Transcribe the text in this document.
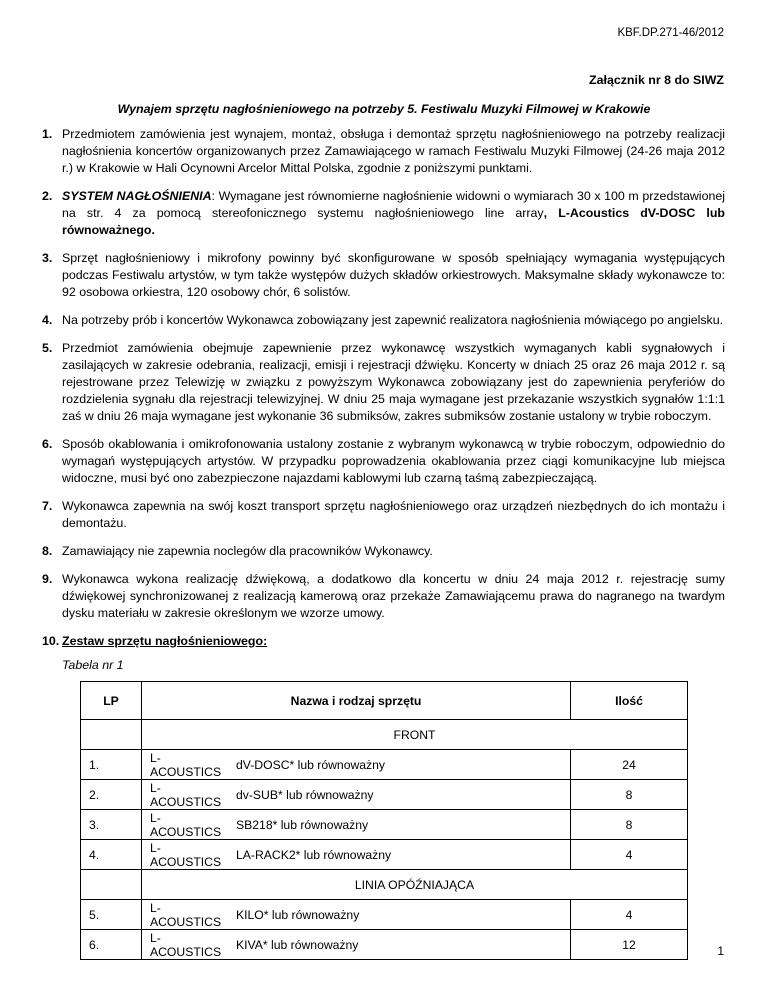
KBF.DP.271-46/2012
Załącznik nr 8 do SIWZ
Wynajem sprzętu nagłośnieniowego na potrzeby 5. Festiwalu Muzyki Filmowej w Krakowie
1. Przedmiotem zamówienia jest wynajem, montaż, obsługa i demontaż sprzętu nagłośnieniowego na potrzeby realizacji nagłośnienia koncertów organizowanych przez Zamawiającego w ramach Festiwalu Muzyki Filmowej (24-26 maja 2012 r.) w Krakowie w Hali Ocynowni Arcelor Mittal Polska, zgodnie z poniższymi punktami.
2. SYSTEM NAGŁOŚNIENIA: Wymagane jest równomierne nagłośnienie widowni o wymiarach 30 x 100 m przedstawionej na str. 4 za pomocą stereofonicznego systemu nagłośnieniowego line array, L-Acoustics dV-DOSC lub równoważnego.
3. Sprzęt nagłośnieniowy i mikrofony powinny być skonfigurowane w sposób spełniający wymagania występujących podczas Festiwalu artystów, w tym także występów dużych składów orkiestrowych. Maksymalne składy wykonawcze to: 92 osobowa orkiestra, 120 osobowy chór, 6 solistów.
4. Na potrzeby prób i koncertów Wykonawca zobowiązany jest zapewnić realizatora nagłośnienia mówiącego po angielsku.
5. Przedmiot zamówienia obejmuje zapewnienie przez wykonawcę wszystkich wymaganych kabli sygnałowych i zasilających w zakresie odebrania, realizacji, emisji i rejestracji dźwięku. Koncerty w dniach 25 oraz 26 maja 2012 r. są rejestrowane przez Telewizję w związku z powyższym Wykonawca zobowiązany jest do zapewnienia peryferiów do rozdzielenia sygnału dla rejestracji telewizyjnej. W dniu 25 maja wymagane jest przekazanie wszystkich sygnałów 1:1:1 zaś w dniu 26 maja wymagane jest wykonanie 36 submiksów, zakres submiksów zostanie ustalony w trybie roboczym.
6. Sposób okablowania i omikrofonowania ustalony zostanie z wybranym wykonawcą w trybie roboczym, odpowiednio do wymagań występujących artystów. W przypadku poprowadzenia okablowania przez ciągi komunikacyjne lub miejsca widoczne, musi być ono zabezpieczone najazdami kablowymi lub czarną taśmą zabezpieczającą.
7. Wykonawca zapewnia na swój koszt transport sprzętu nagłośnieniowego oraz urządzeń niezbędnych do ich montażu i demontażu.
8. Zamawiający nie zapewnia noclegów dla pracowników Wykonawcy.
9. Wykonawca wykona realizację dźwiękową, a dodatkowo dla koncertu w dniu 24 maja 2012 r. rejestrację sumy dźwiękowej synchronizowanej z realizacją kamerową oraz przekaże Zamawiającemu prawa do nagranego na twardym dysku materiału w zakresie określonym we wzorze umowy.
10. Zestaw sprzętu nagłośnieniowego:
Tabela nr 1
LP	Nazwa i rodzaj sprzętu		Ilość
	FRONT		
1.	L-ACOUSTICS	dV-DOSC* lub równoważny	24
2.	L-ACOUSTICS	dv-SUB* lub równoważny	8
3.	L-ACOUSTICS	SB218* lub równoważny	8
4.	L-ACOUSTICS	LA-RACK2* lub równoważny	4
	LINIA OPÓŹNIAJĄCA		
5.	L-ACOUSTICS	KILO* lub równoważny	4
6.	L-ACOUSTICS	KIVA* lub równoważny	12	1
